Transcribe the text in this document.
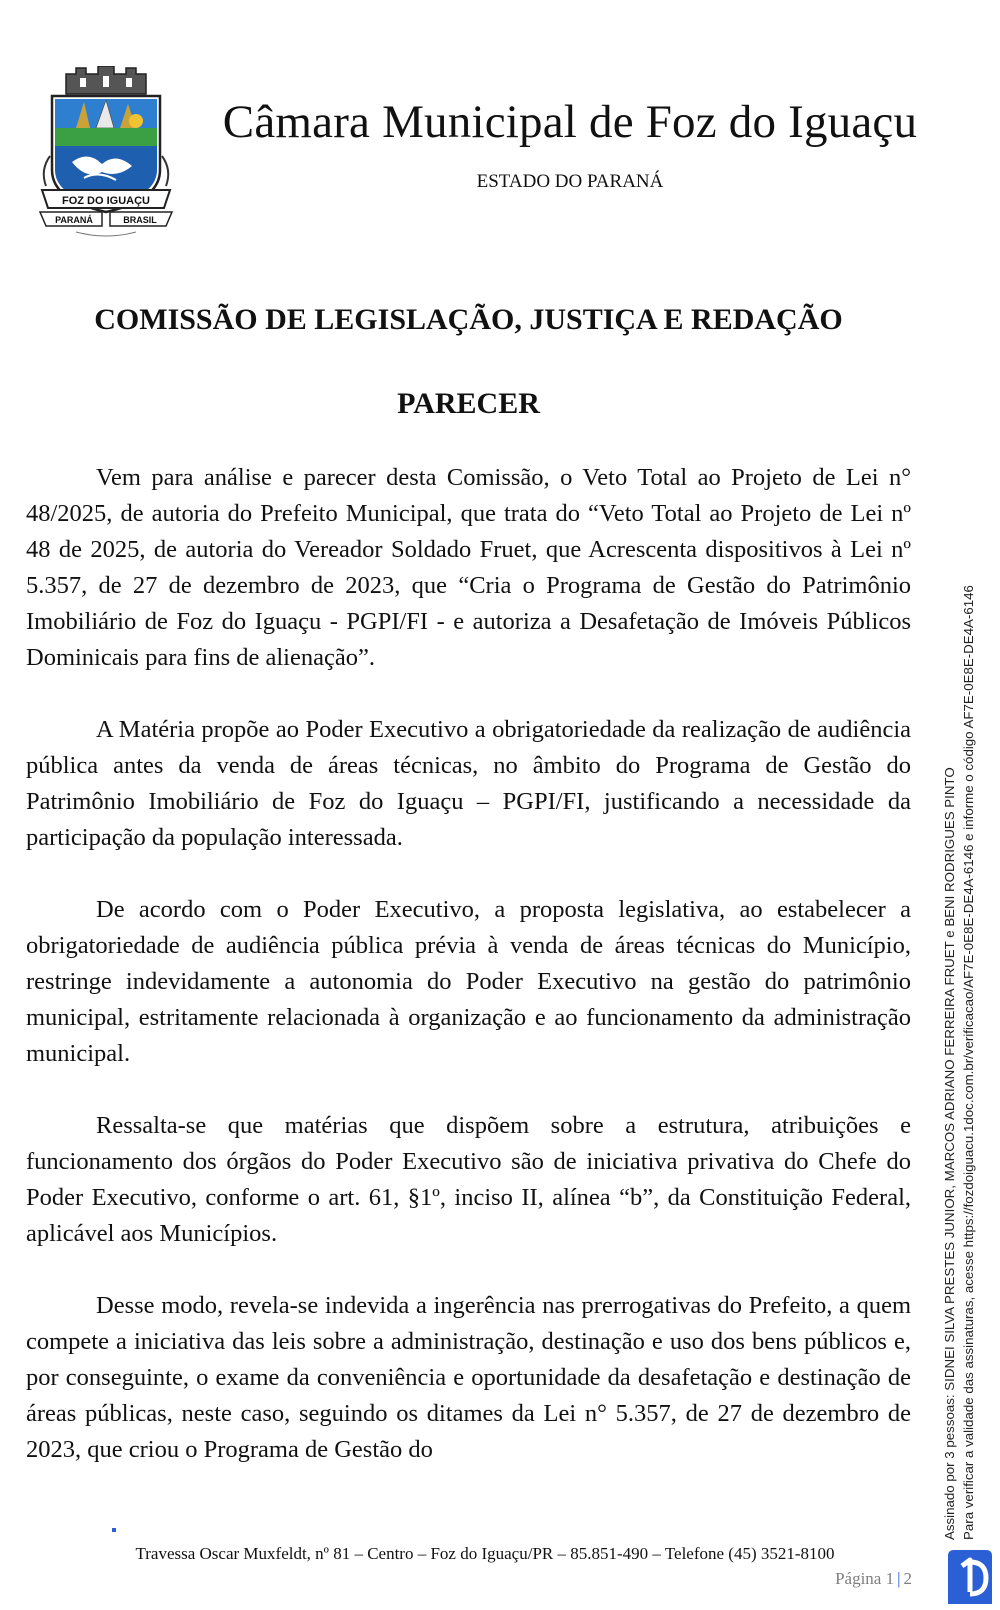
FOZ DO IGUAÇU
PARANÁ	BRASIL
Câmara Municipal de Foz do Iguaçu
ESTADO DO PARANÁ
COMISSÃO DE LEGISLAÇÃO, JUSTIÇA E REDAÇÃO
PARECER

Vem para análise e parecer desta Comissão, o Veto Total ao Projeto de Lei n° 48/2025, de autoria do Prefeito Municipal, que trata do “Veto Total ao Projeto de Lei nº 48 de 2025, de autoria do Vereador Soldado Fruet, que Acrescenta dispositivos à Lei nº 5.357, de 27 de dezembro de 2023, que “Cria o Programa de Gestão do Patrimônio Imobiliário de Foz do Iguaçu - PGPI/FI - e autoriza a Desafetação de Imóveis Públicos Dominicais para fins de alienação”.

A Matéria propõe ao Poder Executivo a obrigatoriedade da realização de audiência pública antes da venda de áreas técnicas, no âmbito do Programa de Gestão do Patrimônio Imobiliário de Foz do Iguaçu – PGPI/FI, justificando a necessidade da participação da população interessada.

De acordo com o Poder Executivo, a proposta legislativa, ao estabelecer a obrigatoriedade de audiência pública prévia à venda de áreas técnicas do Município, restringe indevidamente a autonomia do Poder Executivo na gestão do patrimônio municipal, estritamente relacionada à organização e ao funcionamento da administração municipal.

Ressalta-se que matérias que dispõem sobre a estrutura, atribuições e funcionamento dos órgãos do Poder Executivo são de iniciativa privativa do Chefe do Poder Executivo, conforme o art. 61, §1º, inciso II, alínea “b”, da Constituição Federal, aplicável aos Municípios.

Desse modo, revela-se indevida a ingerência nas prerrogativas do Prefeito, a quem compete a iniciativa das leis sobre a administração, destinação e uso dos bens públicos e, por conseguinte, o exame da conveniência e oportunidade da desafetação e destinação de áreas públicas, neste caso, seguindo os ditames da Lei n° 5.357, de 27 de dezembro de 2023, que criou o Programa de Gestão do

Travessa Oscar Muxfeldt, nº 81 – Centro – Foz do Iguaçu/PR – 85.851-490 – Telefone (45) 3521-8100
Página 1 | 2
Assinado por 3 pessoas: SIDNEI SILVA PRESTES JUNIOR, MARCOS ADRIANO FERREIRA FRUET e BENI RODRIGUES PINTO Para verificar a validade das assinaturas, acesse https://fozdoiguacu.1doc.com.br/verificacao/AF7E-0E8E-DE4A-6146 e informe o código AF7E-0E8E-DE4A-6146
